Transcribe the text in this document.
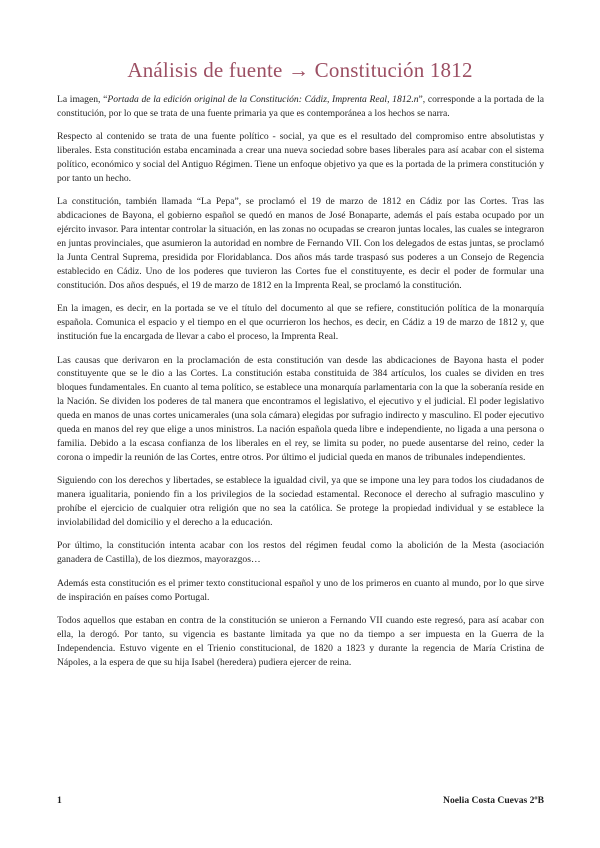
Análisis de fuente → Constitución 1812

La imagen, “Portada de la edición original de la Constitución: Cádiz, Imprenta Real, 1812.n”, corresponde a la portada de la constitución, por lo que se trata de una fuente primaria ya que es contemporánea a los hechos se narra.

Respecto al contenido se trata de una fuente político - social, ya que es el resultado del compromiso entre absolutistas y liberales. Esta constitución estaba encaminada a crear una nueva sociedad sobre bases liberales para así acabar con el sistema político, económico y social del Antiguo Régimen. Tiene un enfoque objetivo ya que es la portada de la primera constitución y por tanto un hecho.

La constitución, también llamada “La Pepa”, se proclamó el 19 de marzo de 1812 en Cádiz por las Cortes. Tras las abdicaciones de Bayona, el gobierno español se quedó en manos de José Bonaparte, además el país estaba ocupado por un ejército invasor. Para intentar controlar la situación, en las zonas no ocupadas se crearon juntas locales, las cuales se integraron en juntas provinciales, que asumieron la autoridad en nombre de Fernando VII. Con los delegados de estas juntas, se proclamó la Junta Central Suprema, presidida por Floridablanca. Dos años más tarde traspasó sus poderes a un Consejo de Regencia establecido en Cádiz. Uno de los poderes que tuvieron las Cortes fue el constituyente, es decir el poder de formular una constitución. Dos años después, el 19 de marzo de 1812 en la Imprenta Real, se proclamó la constitución.

En la imagen, es decir, en la portada se ve el título del documento al que se refiere, constitución política de la monarquía española. Comunica el espacio y el tiempo en el que ocurrieron los hechos, es decir, en Cádiz a 19 de marzo de 1812 y, que institución fue la encargada de llevar a cabo el proceso, la Imprenta Real.

Las causas que derivaron en la proclamación de esta constitución van desde las abdicaciones de Bayona hasta el poder constituyente que se le dio a las Cortes. La constitución estaba constituida de 384 artículos, los cuales se dividen en tres bloques fundamentales. En cuanto al tema político, se establece una monarquía parlamentaria con la que la soberanía reside en la Nación. Se dividen los poderes de tal manera que encontramos el legislativo, el ejecutivo y el judicial. El poder legislativo queda en manos de unas cortes unicamerales (una sola cámara) elegidas por sufragio indirecto y masculino. El poder ejecutivo queda en manos del rey que elige a unos ministros. La nación española queda libre e independiente, no ligada a una persona o familia. Debido a la escasa confianza de los liberales en el rey, se limita su poder, no puede ausentarse del reino, ceder la corona o impedir la reunión de las Cortes, entre otros. Por último el judicial queda en manos de tribunales independientes.

Siguiendo con los derechos y libertades, se establece la igualdad civil, ya que se impone una ley para todos los ciudadanos de manera igualitaria, poniendo fin a los privilegios de la sociedad estamental. Reconoce el derecho al sufragio masculino y prohíbe el ejercicio de cualquier otra religión que no sea la católica. Se protege la propiedad individual y se establece la inviolabilidad del domicilio y el derecho a la educación.

Por último, la constitución intenta acabar con los restos del régimen feudal como la abolición de la Mesta (asociación ganadera de Castilla), de los diezmos, mayorazgos…

Además esta constitución es el primer texto constitucional español y uno de los primeros en cuanto al mundo, por lo que sirve de inspiración en países como Portugal.

Todos aquellos que estaban en contra de la constitución se unieron a Fernando VII cuando este regresó, para así acabar con ella, la derogó. Por tanto, su vigencia es bastante limitada ya que no da tiempo a ser impuesta en la Guerra de la Independencia. Estuvo vigente en el Trienio constitucional, de 1820 a 1823 y durante la regencia de María Cristina de Nápoles, a la espera de que su hija Isabel (heredera) pudiera ejercer de reina.

1	Noelia Costa Cuevas 2ºB
